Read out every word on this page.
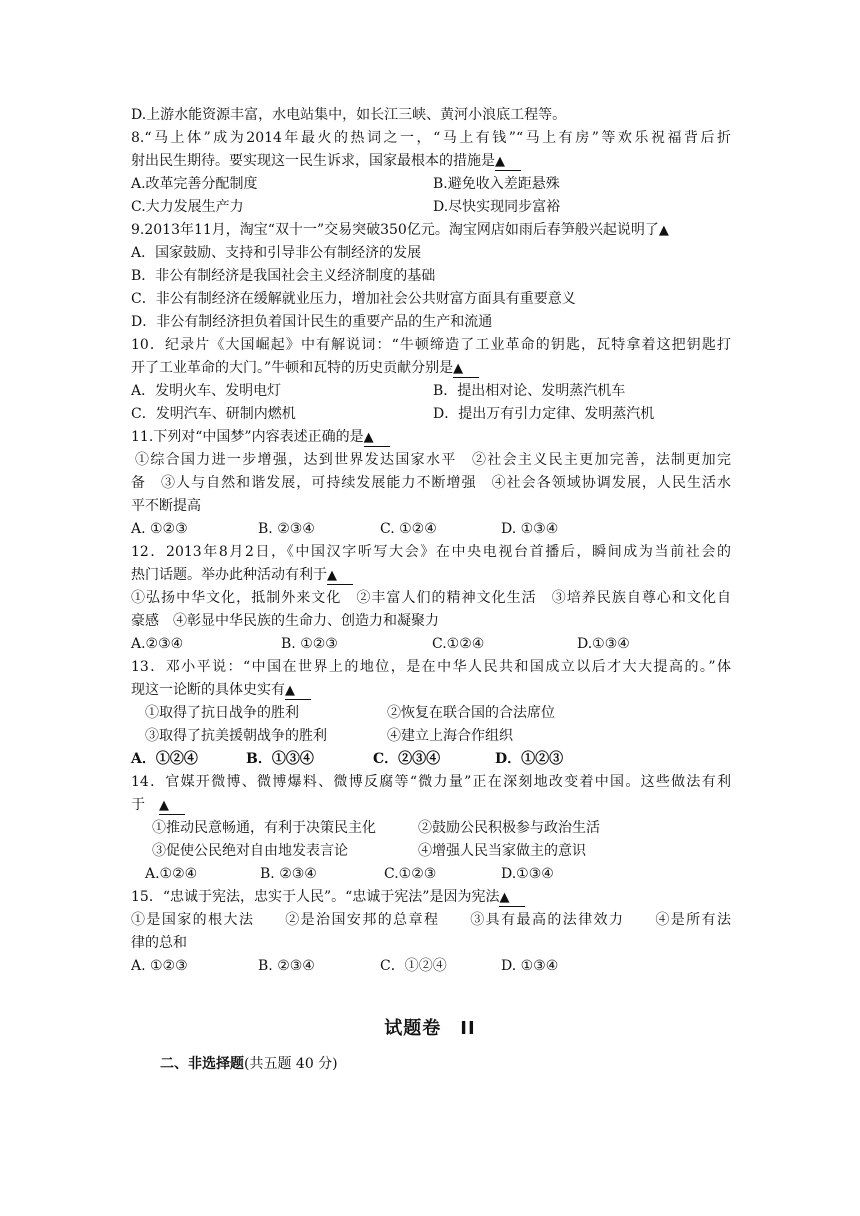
D.上游水能资源丰富，水电站集中，如长江三峡、黄河小浪底工程等。
8.“马上体”成为2014年最火的热词之一，“马上有钱”“马上有房”等欢乐祝福背后折
射出民生期待。要实现这一民生诉求，国家最根本的措施是▲
A.改革完善分配制度	B.避免收入差距悬殊
C.大力发展生产力	D.尽快实现同步富裕
9.2013年11月，淘宝“双十一”交易突破350亿元。淘宝网店如雨后春笋般兴起说明了▲
A．国家鼓励、支持和引导非公有制经济的发展
B．非公有制经济是我国社会主义经济制度的基础
C．非公有制经济在缓解就业压力，增加社会公共财富方面具有重要意义
D．非公有制经济担负着国计民生的重要产品的生产和流通
10．纪录片《大国崛起》中有解说词：“牛顿缔造了工业革命的钥匙，瓦特拿着这把钥匙打
开了工业革命的大门。”牛顿和瓦特的历史贡献分别是▲
A．发明火车、发明电灯	B．提出相对论、发明蒸汽机车
C．发明汽车、研制内燃机	D．提出万有引力定律、发明蒸汽机
11.下列对“中国梦”内容表述正确的是▲
①综合国力进一步增强，达到世界发达国家水平　②社会主义民主更加完善，法制更加完
备　③人与自然和谐发展，可持续发展能力不断增强　④社会各领域协调发展，人民生活水
平不断提高
A. ①②③	B. ②③④	C. ①②④	D. ①③④
12．2013年8月2日，《中国汉字听写大会》在中央电视台首播后，瞬间成为当前社会的
热门话题。举办此种活动有利于▲
①弘扬中华文化，抵制外来文化　②丰富人们的精神文化生活　③培养民族自尊心和文化自
豪感　④彰显中华民族的生命力、创造力和凝聚力
A.②③④	B. ①②③	C.①②④	D.①③④
13．邓小平说：“中国在世界上的地位，是在中华人民共和国成立以后才大大提高的。”体
现这一论断的具体史实有▲
①取得了抗日战争的胜利	②恢复在联合国的合法席位
③取得了抗美援朝战争的胜利	④建立上海合作组织
A．①②④	B．①③④	C．②③④	D．①②③
14．官媒开微博、微博爆料、微博反腐等“微力量”正在深刻地改变着中国。这些做法有利
于 ▲
①推动民意畅通，有利于决策民主化	②鼓励公民积极参与政治生活
③促使公民绝对自由地发表言论	④增强人民当家做主的意识
A.①②④	B. ②③④	C.①②③	D.①③④
15．“忠诚于宪法，忠实于人民”。“忠诚于宪法”是因为宪法▲
①是国家的根大法　　②是治国安邦的总章程　　③具有最高的法律效力　　④是所有法
律的总和
A. ①②③	B. ②③④	C．①②④	D. ①③④
试题卷　II
二、非选择题(共五题 40 分)
